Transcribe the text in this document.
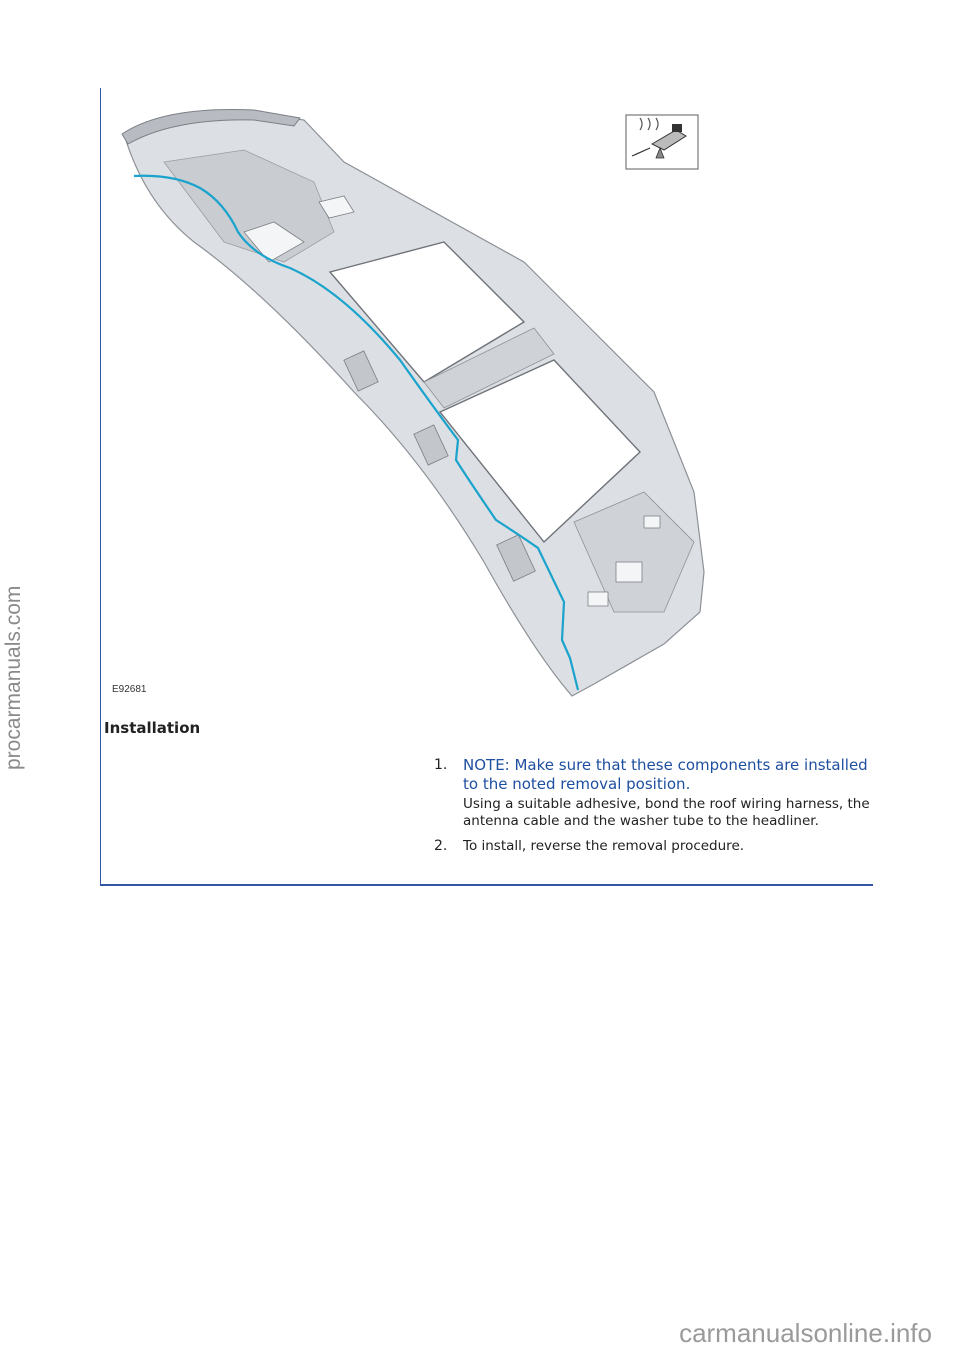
procarmanuals.com	E92681
Installation
1.	NOTE: Make sure that these components are installed to the noted removal position.
Using a suitable adhesive, bond the roof wiring harness, the antenna cable and the washer tube to the headliner.
2.	To install, reverse the removal procedure.
carmanualsonline.info
